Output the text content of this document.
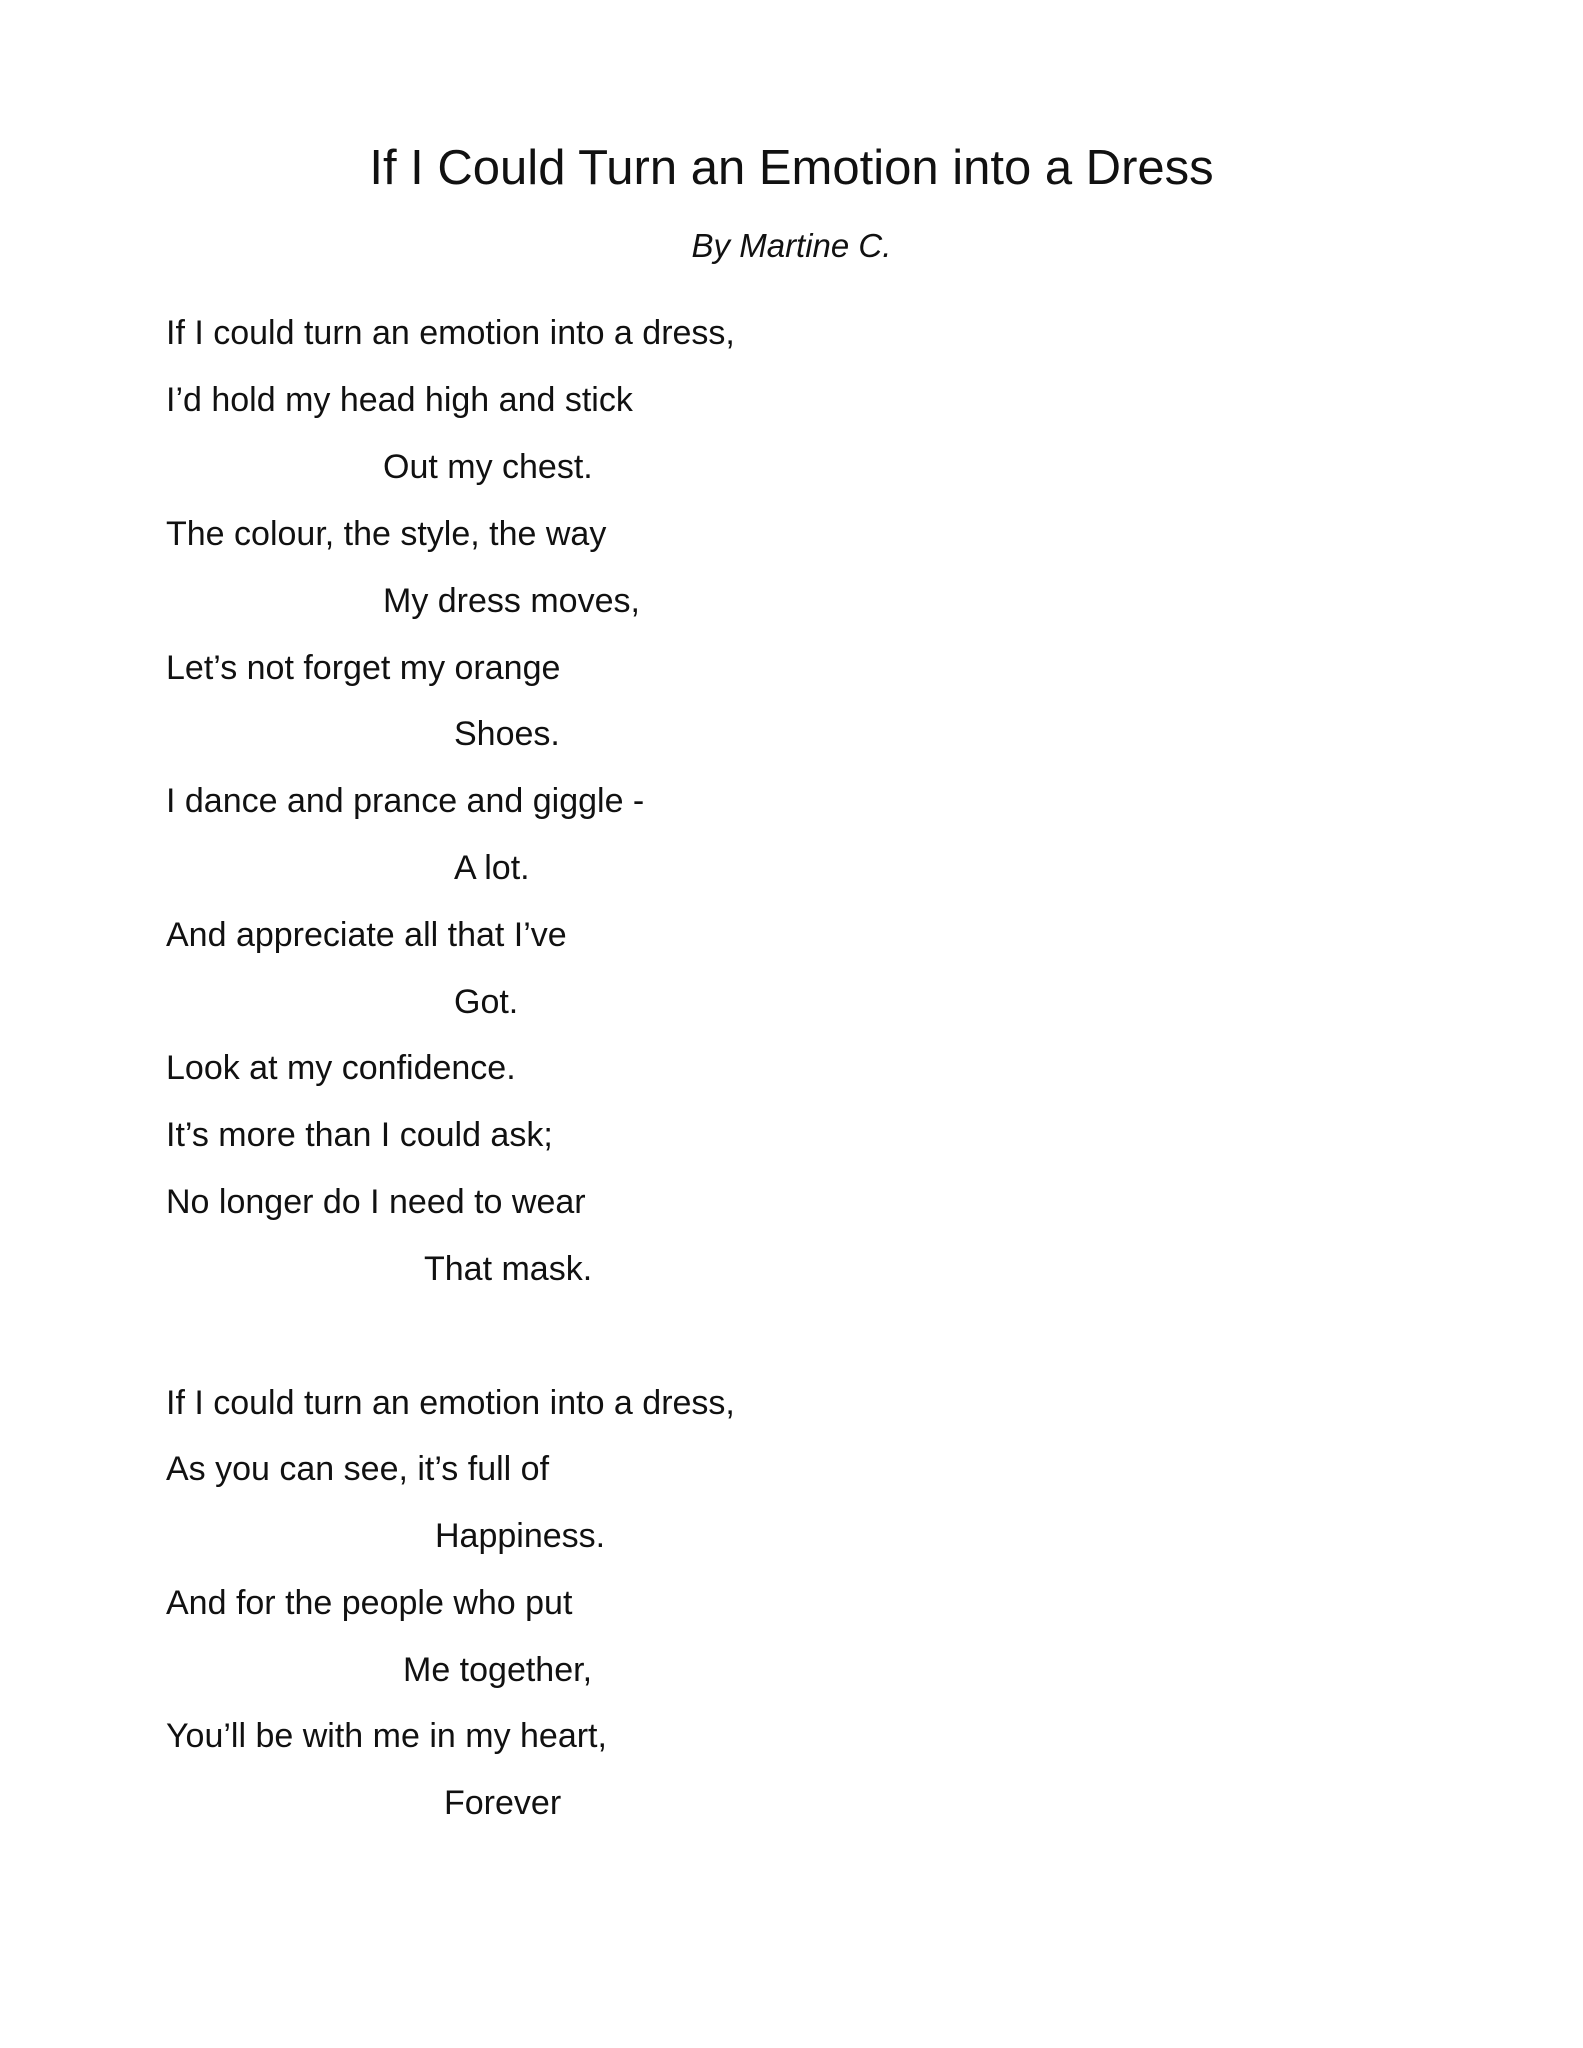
If I Could Turn an Emotion into a Dress
By Martine C.
If I could turn an emotion into a dress,
I’d hold my head high and stick
Out my chest.
The colour, the style, the way
My dress moves,
Let’s not forget my orange
Shoes.
I dance and prance and giggle -
A lot.
And appreciate all that I’ve
Got.
Look at my confidence.
It’s more than I could ask;
No longer do I need to wear
That mask.
If I could turn an emotion into a dress,
As you can see, it’s full of
Happiness.
And for the people who put
Me together,
You’ll be with me in my heart,
Forever
